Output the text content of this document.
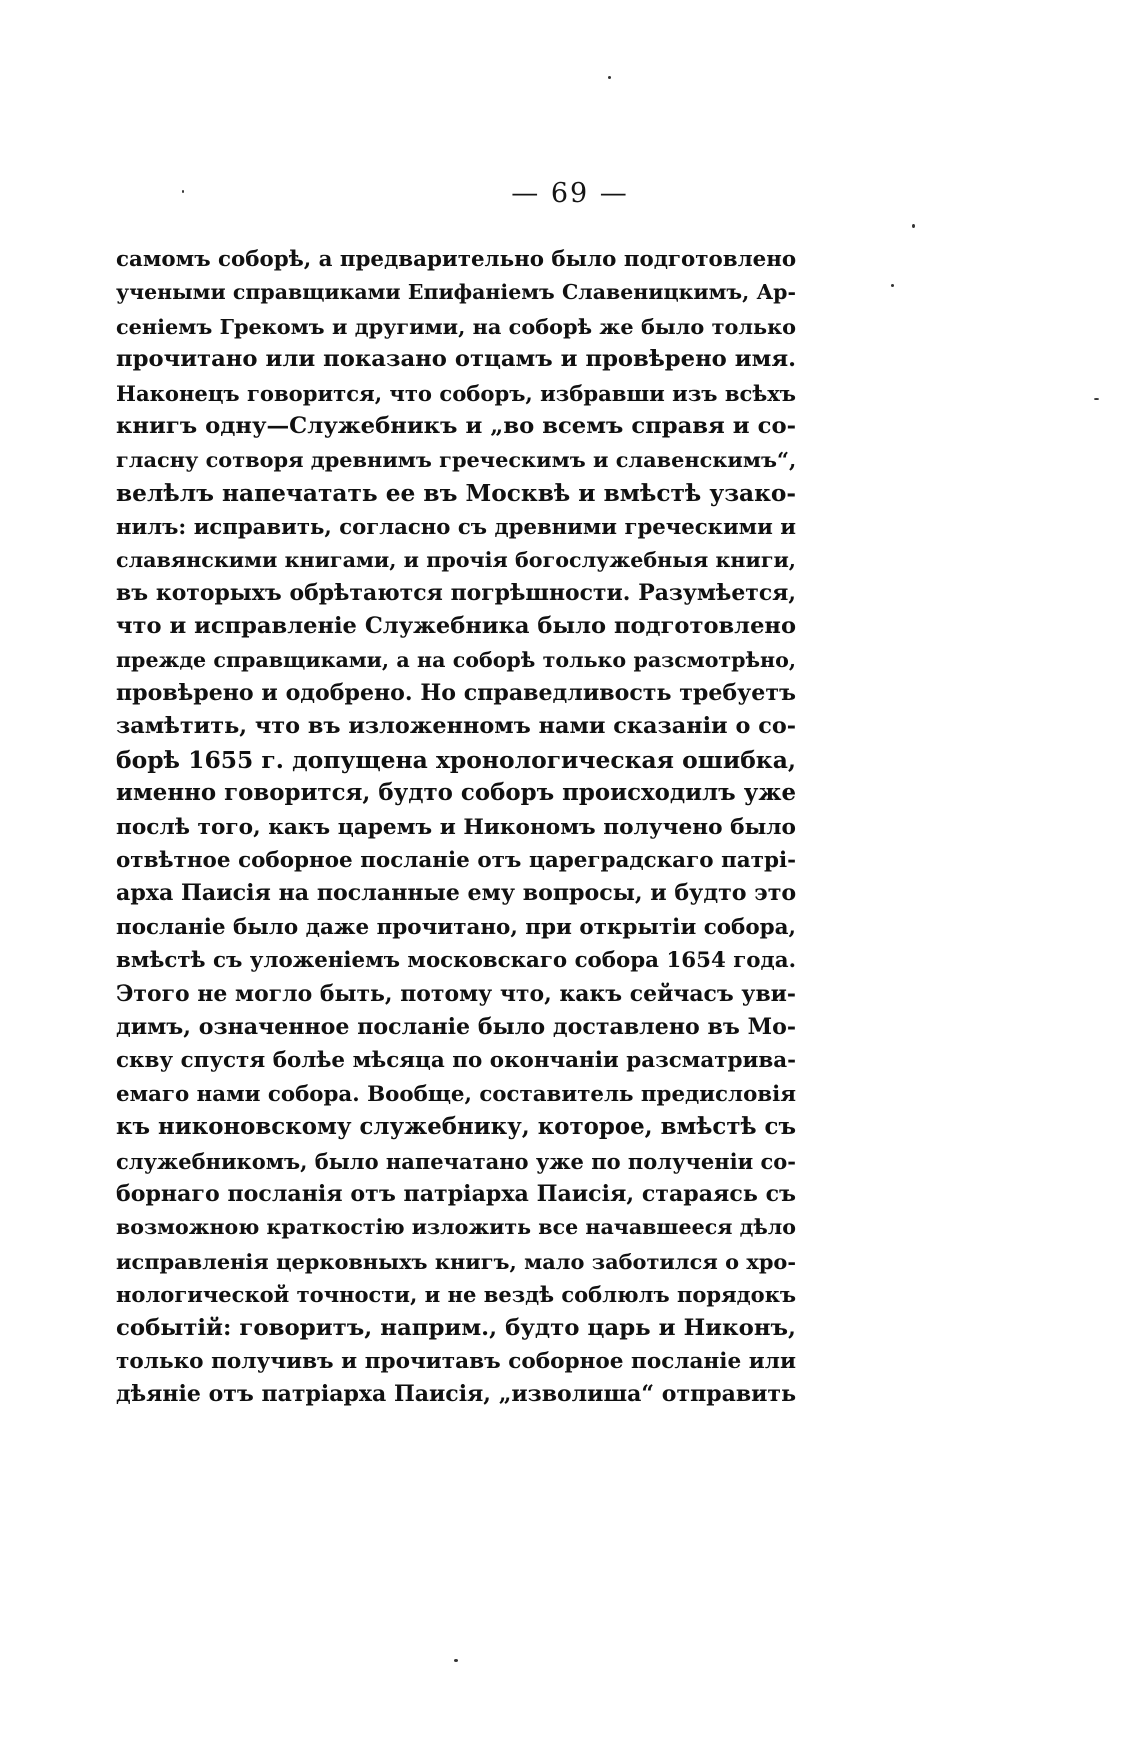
— 69 —
самомъ соборѣ, а предварительно было подготовлено
учеными справщиками Епифаніемъ Славеницкимъ, Ар-
сеніемъ Грекомъ и другими, на соборѣ же было только
прочитано или показано отцамъ и провѣрено имя.
Наконецъ говорится, что соборъ, избравши изъ всѣхъ
книгъ одну—Служебникъ и „во всемъ справя и со-
гласну сотворя древнимъ греческимъ и славенскимъ“,
велѣлъ напечатать ее въ Москвѣ и вмѣстѣ узако-
нилъ: исправить, согласно съ древними греческими и
славянскими книгами, и прочія богослужебныя книги,
въ которыхъ обрѣтаются погрѣшности. Разумѣется,
что и исправленіе Служебника было подготовлено
прежде справщиками, а на соборѣ только разсмотрѣно,
провѣрено и одобрено. Но справедливость требуетъ
замѣтить, что въ изложенномъ нами сказаніи о со-
борѣ 1655 г. допущена хронологическая ошибка,
именно говорится, будто соборъ происходилъ уже
послѣ того, какъ царемъ и Никономъ получено было
отвѣтное соборное посланіе отъ цареградскаго патрі-
арха Паисія на посланные ему вопросы, и будто это
посланіе было даже прочитано, при открытіи собора,
вмѣстѣ съ уложеніемъ московскаго собора 1654 года.
Этого не могло быть, потому что, какъ сейчасъ уви-
димъ, означенное посланіе было доставлено въ Мо-
скву спустя болѣе мѣсяца по окончаніи разсматрива-
емаго нами собора. Вообще, составитель предисловія
къ никоновскому служебнику, которое, вмѣстѣ съ
служебникомъ, было напечатано уже по полученіи со-
борнаго посланія отъ патріарха Паисія, стараясь съ
возможною краткостію изложить все начавшееся дѣло
исправленія церковныхъ книгъ, мало заботился о хро-
нологической точности, и не вездѣ соблюлъ порядокъ
событій: говоритъ, наприм., будто царь и Никонъ,
только получивъ и прочитавъ соборное посланіе или
дѣяніе отъ патріарха Паисія, „изволиша“ отправить
